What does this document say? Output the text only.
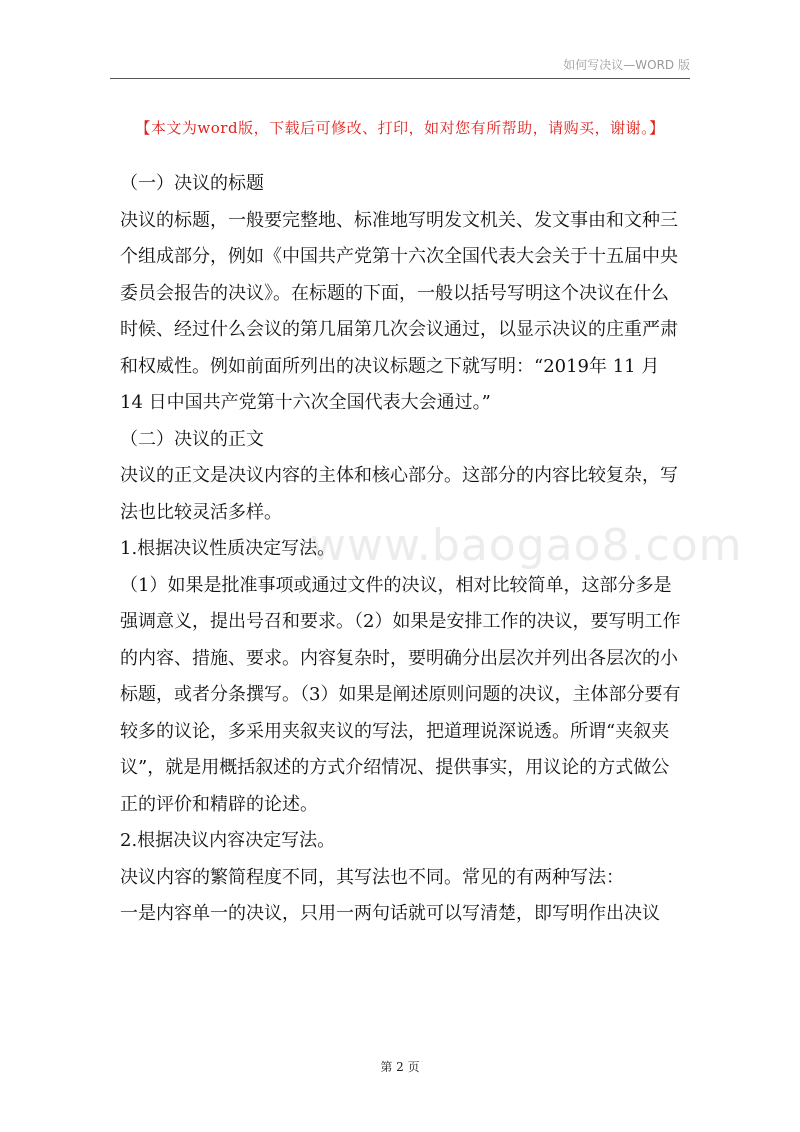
如何写决议—WORD 版
【本文为word版，下载后可修改、打印，如对您有所帮助，请购买，谢谢。】
www.baogao8.com

（一）决议的标题

决议的标题，一般要完整地、标准地写明发文机关、发文事由和文种三个组成部分，例如《中国共产党第十六次全国代表大会关于十五届中央委员会报告的决议》。在标题的下面，一般以括号写明这个决议在什么时候、经过什么会议的第几届第几次会议通过，以显示决议的庄重严肃和权威性。例如前面所列出的决议标题之下就写明：“2019年 11 月 14 日中国共产党第十六次全国代表大会通过。”

（二）决议的正文

决议的正文是决议内容的主体和核心部分。这部分的内容比较复杂，写法也比较灵活多样。

1.根据决议性质决定写法。

（1）如果是批准事项或通过文件的决议，相对比较简单，这部分多是强调意义，提出号召和要求。（2）如果是安排工作的决议，要写明工作的内容、措施、要求。内容复杂时，要明确分出层次并列出各层次的小标题，或者分条撰写。（3）如果是阐述原则问题的决议，主体部分要有较多的议论，多采用夹叙夹议的写法，把道理说深说透。所谓“夹叙夹议”，就是用概括叙述的方式介绍情况、提供事实，用议论的方式做公正的评价和精辟的论述。

2.根据决议内容决定写法。

决议内容的繁简程度不同，其写法也不同。常见的有两种写法：

一是内容单一的决议，只用一两句话就可以写清楚，即写明作出决议

第 2 页
